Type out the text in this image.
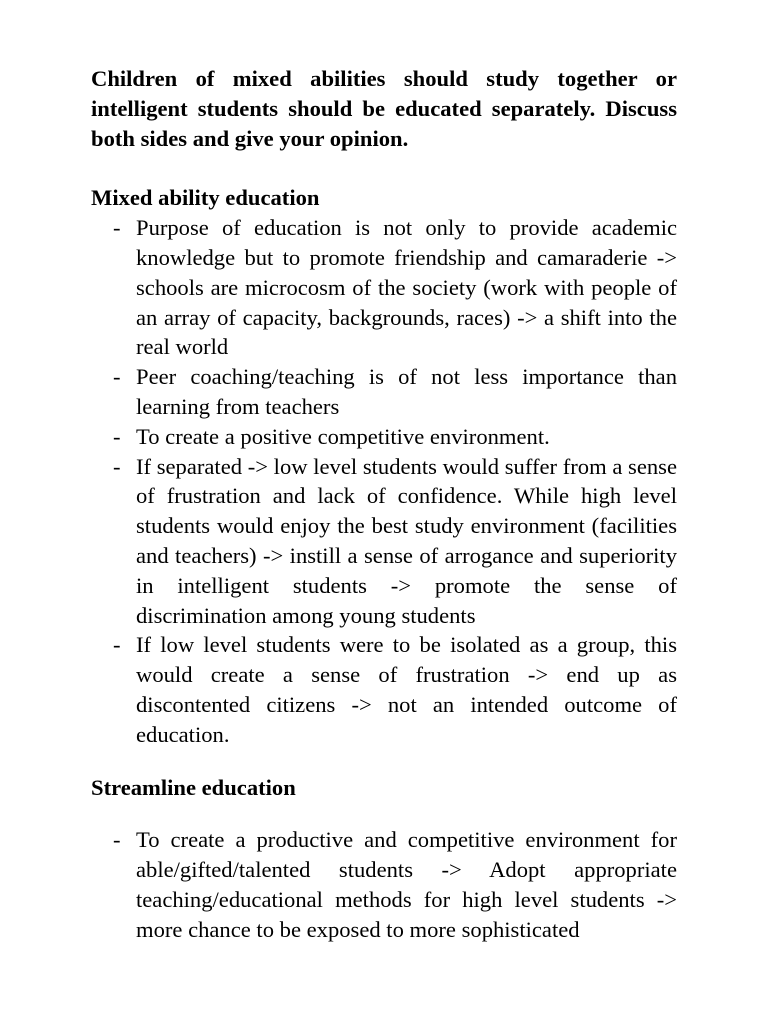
Children of mixed abilities should study together or intelligent students should be educated separately. Discuss both sides and give your opinion.

Mixed ability education

- Purpose of education is not only to provide academic knowledge but to promote friendship and camaraderie -> schools are microcosm of the society (work with people of an array of capacity, backgrounds, races) -> a shift into the real world
- Peer coaching/teaching is of not less importance than learning from teachers
- To create a positive competitive environment.
- If separated -> low level students would suffer from a sense of frustration and lack of confidence. While high level students would enjoy the best study environment (facilities and teachers) -> instill a sense of arrogance and superiority in intelligent students -> promote the sense of discrimination among young students
- If low level students were to be isolated as a group, this would create a sense of frustration -> end up as discontented citizens -> not an intended outcome of education.

Streamline education

- To create a productive and competitive environment for able/gifted/talented students -> Adopt appropriate teaching/educational methods for high level students -> more chance to be exposed to more sophisticated
